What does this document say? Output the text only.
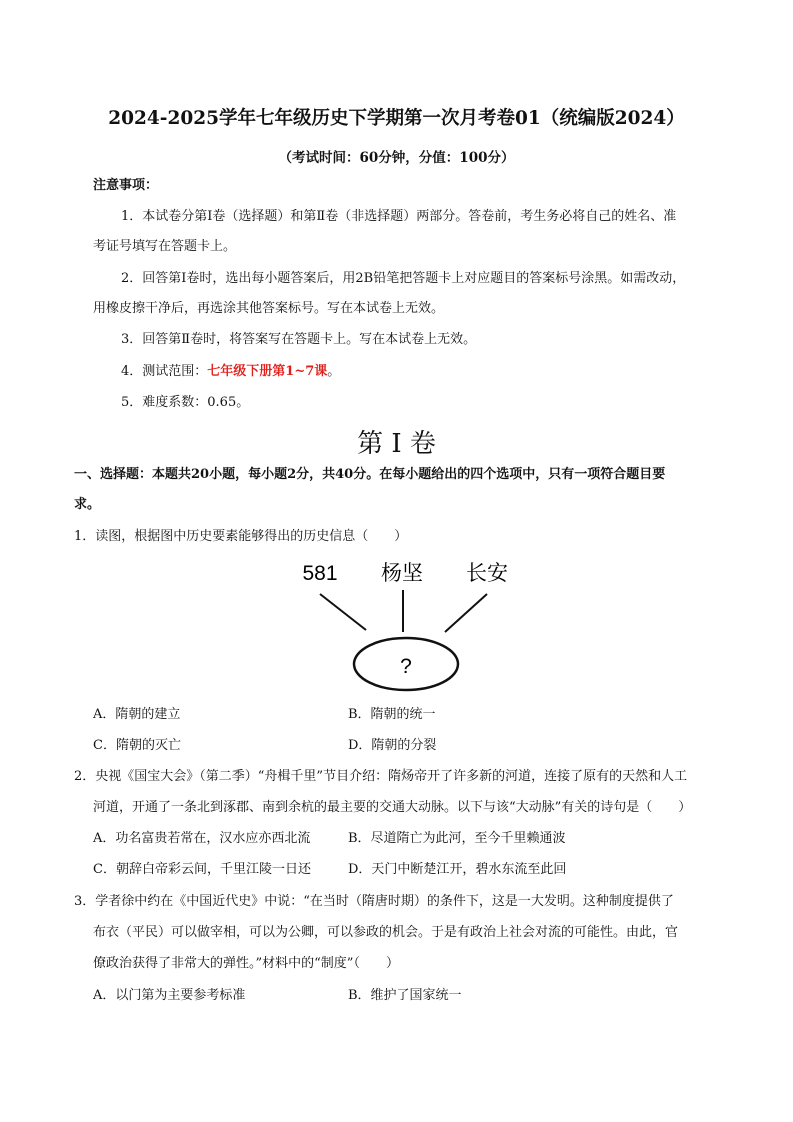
2024-2025学年七年级历史下学期第一次月考卷01（统编版2024）
（考试时间：60分钟，分值：100分）
注意事项：
1．本试卷分第Ⅰ卷（选择题）和第Ⅱ卷（非选择题）两部分。答卷前，考生务必将自己的姓名、准
考证号填写在答题卡上。
2．回答第Ⅰ卷时，选出每小题答案后，用2B铅笔把答题卡上对应题目的答案标号涂黑。如需改动，
用橡皮擦干净后，再选涂其他答案标号。写在本试卷上无效。
3．回答第Ⅱ卷时，将答案写在答题卡上。写在本试卷上无效。
4．测试范围：七年级下册第1~7课。
5．难度系数：0.65。
第 I 卷
一、选择题：本题共20小题，每小题2分，共40分。在每小题给出的四个选项中，只有一项符合题目要
求。
1．读图，根据图中历史要素能够得出的历史信息（　　）
581 杨坚 长安
?
A．隋朝的建立	B．隋朝的统一
C．隋朝的灭亡	D．隋朝的分裂
2．央视《国宝大会》（第二季）“舟楫千里”节目介绍：隋炀帝开了许多新的河道，连接了原有的天然和人工
河道，开通了一条北到涿郡、南到余杭的最主要的交通大动脉。以下与该“大动脉”有关的诗句是（　　）
A．功名富贵若常在，汉水应亦西北流	B．尽道隋亡为此河，至今千里赖通波
C．朝辞白帝彩云间，千里江陵一日还	D．天门中断楚江开，碧水东流至此回
3．学者徐中约在《中国近代史》中说：“在当时（隋唐时期）的条件下，这是一大发明。这种制度提供了
布衣（平民）可以做宰相，可以为公卿，可以参政的机会。于是有政治上社会对流的可能性。由此，官
僚政治获得了非常大的弹性。”材料中的“制度”（　　）
A．以门第为主要参考标准	B．维护了国家统一
